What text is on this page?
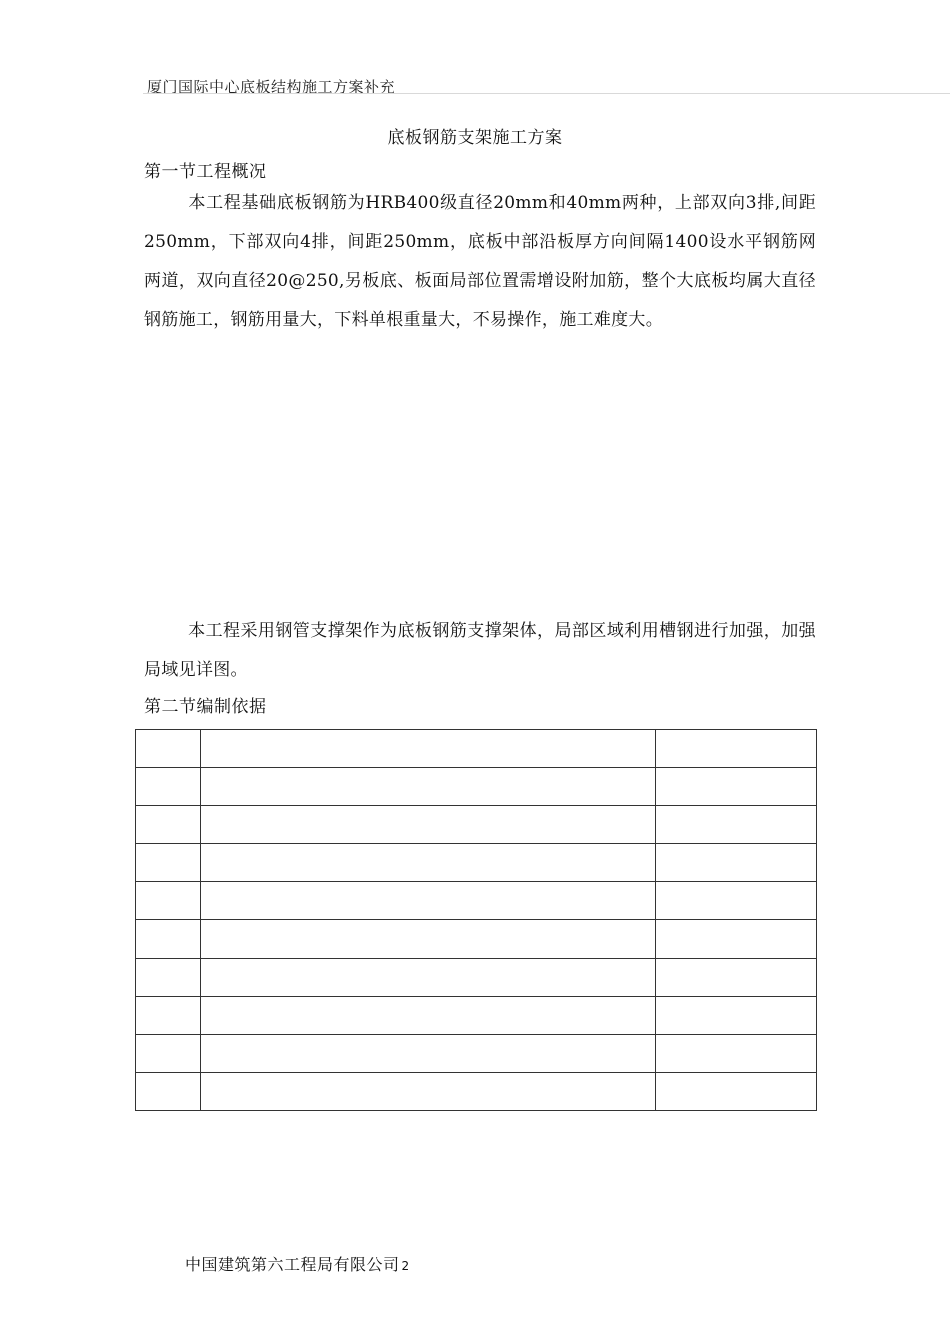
厦门国际中心底板结构施工方案补充
底板钢筋支架施工方案
第一节工程概况
本工程基础底板钢筋为HRB400级直径20mm和40mm两种，上部双向3排,间距250mm，下部双向4排，间距250mm，底板中部沿板厚方向间隔1400设水平钢筋网两道，双向直径20@250,另板底、板面局部位置需增设附加筋，整个大底板均属大直径钢筋施工，钢筋用量大，下料单根重量大，不易操作，施工难度大。
本工程采用钢管支撑架作为底板钢筋支撑架体，局部区域利用槽钢进行加强，加强局域见详图。
第二节编制依据

中国建筑第六工程局有限公司 2
